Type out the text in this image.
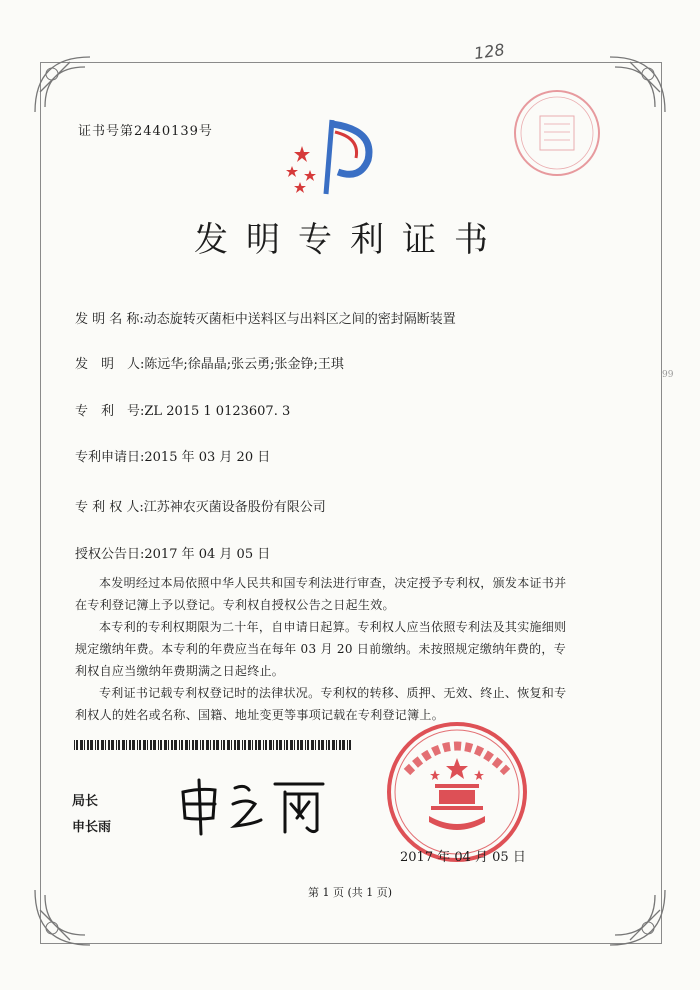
128
证书号第2440139号
发明专利证书
发 明 名 称:动态旋转灭菌柜中送料区与出料区之间的密封隔断装置
发　明　人:陈远华;徐晶晶;张云勇;张金铮;王琪
专　利　号:ZL 2015 1 0123607. 3
专利申请日:2015 年 03 月 20 日
专 利 权 人:江苏神农灭菌设备股份有限公司
授权公告日:2017 年 04 月 05 日
本发明经过本局依照中华人民共和国专利法进行审查，决定授予专利权，颁发本证书并在专利登记簿上予以登记。专利权自授权公告之日起生效。
本专利的专利权期限为二十年，自申请日起算。专利权人应当依照专利法及其实施细则规定缴纳年费。本专利的年费应当在每年 03 月 20 日前缴纳。未按照规定缴纳年费的，专利权自应当缴纳年费期满之日起终止。
专利证书记载专利权登记时的法律状况。专利权的转移、质押、无效、终止、恢复和专利权人的姓名或名称、国籍、地址变更等事项记载在专利登记簿上。
局长
申长雨
2017 年 04 月 05 日
第 1 页 (共 1 页)
99
